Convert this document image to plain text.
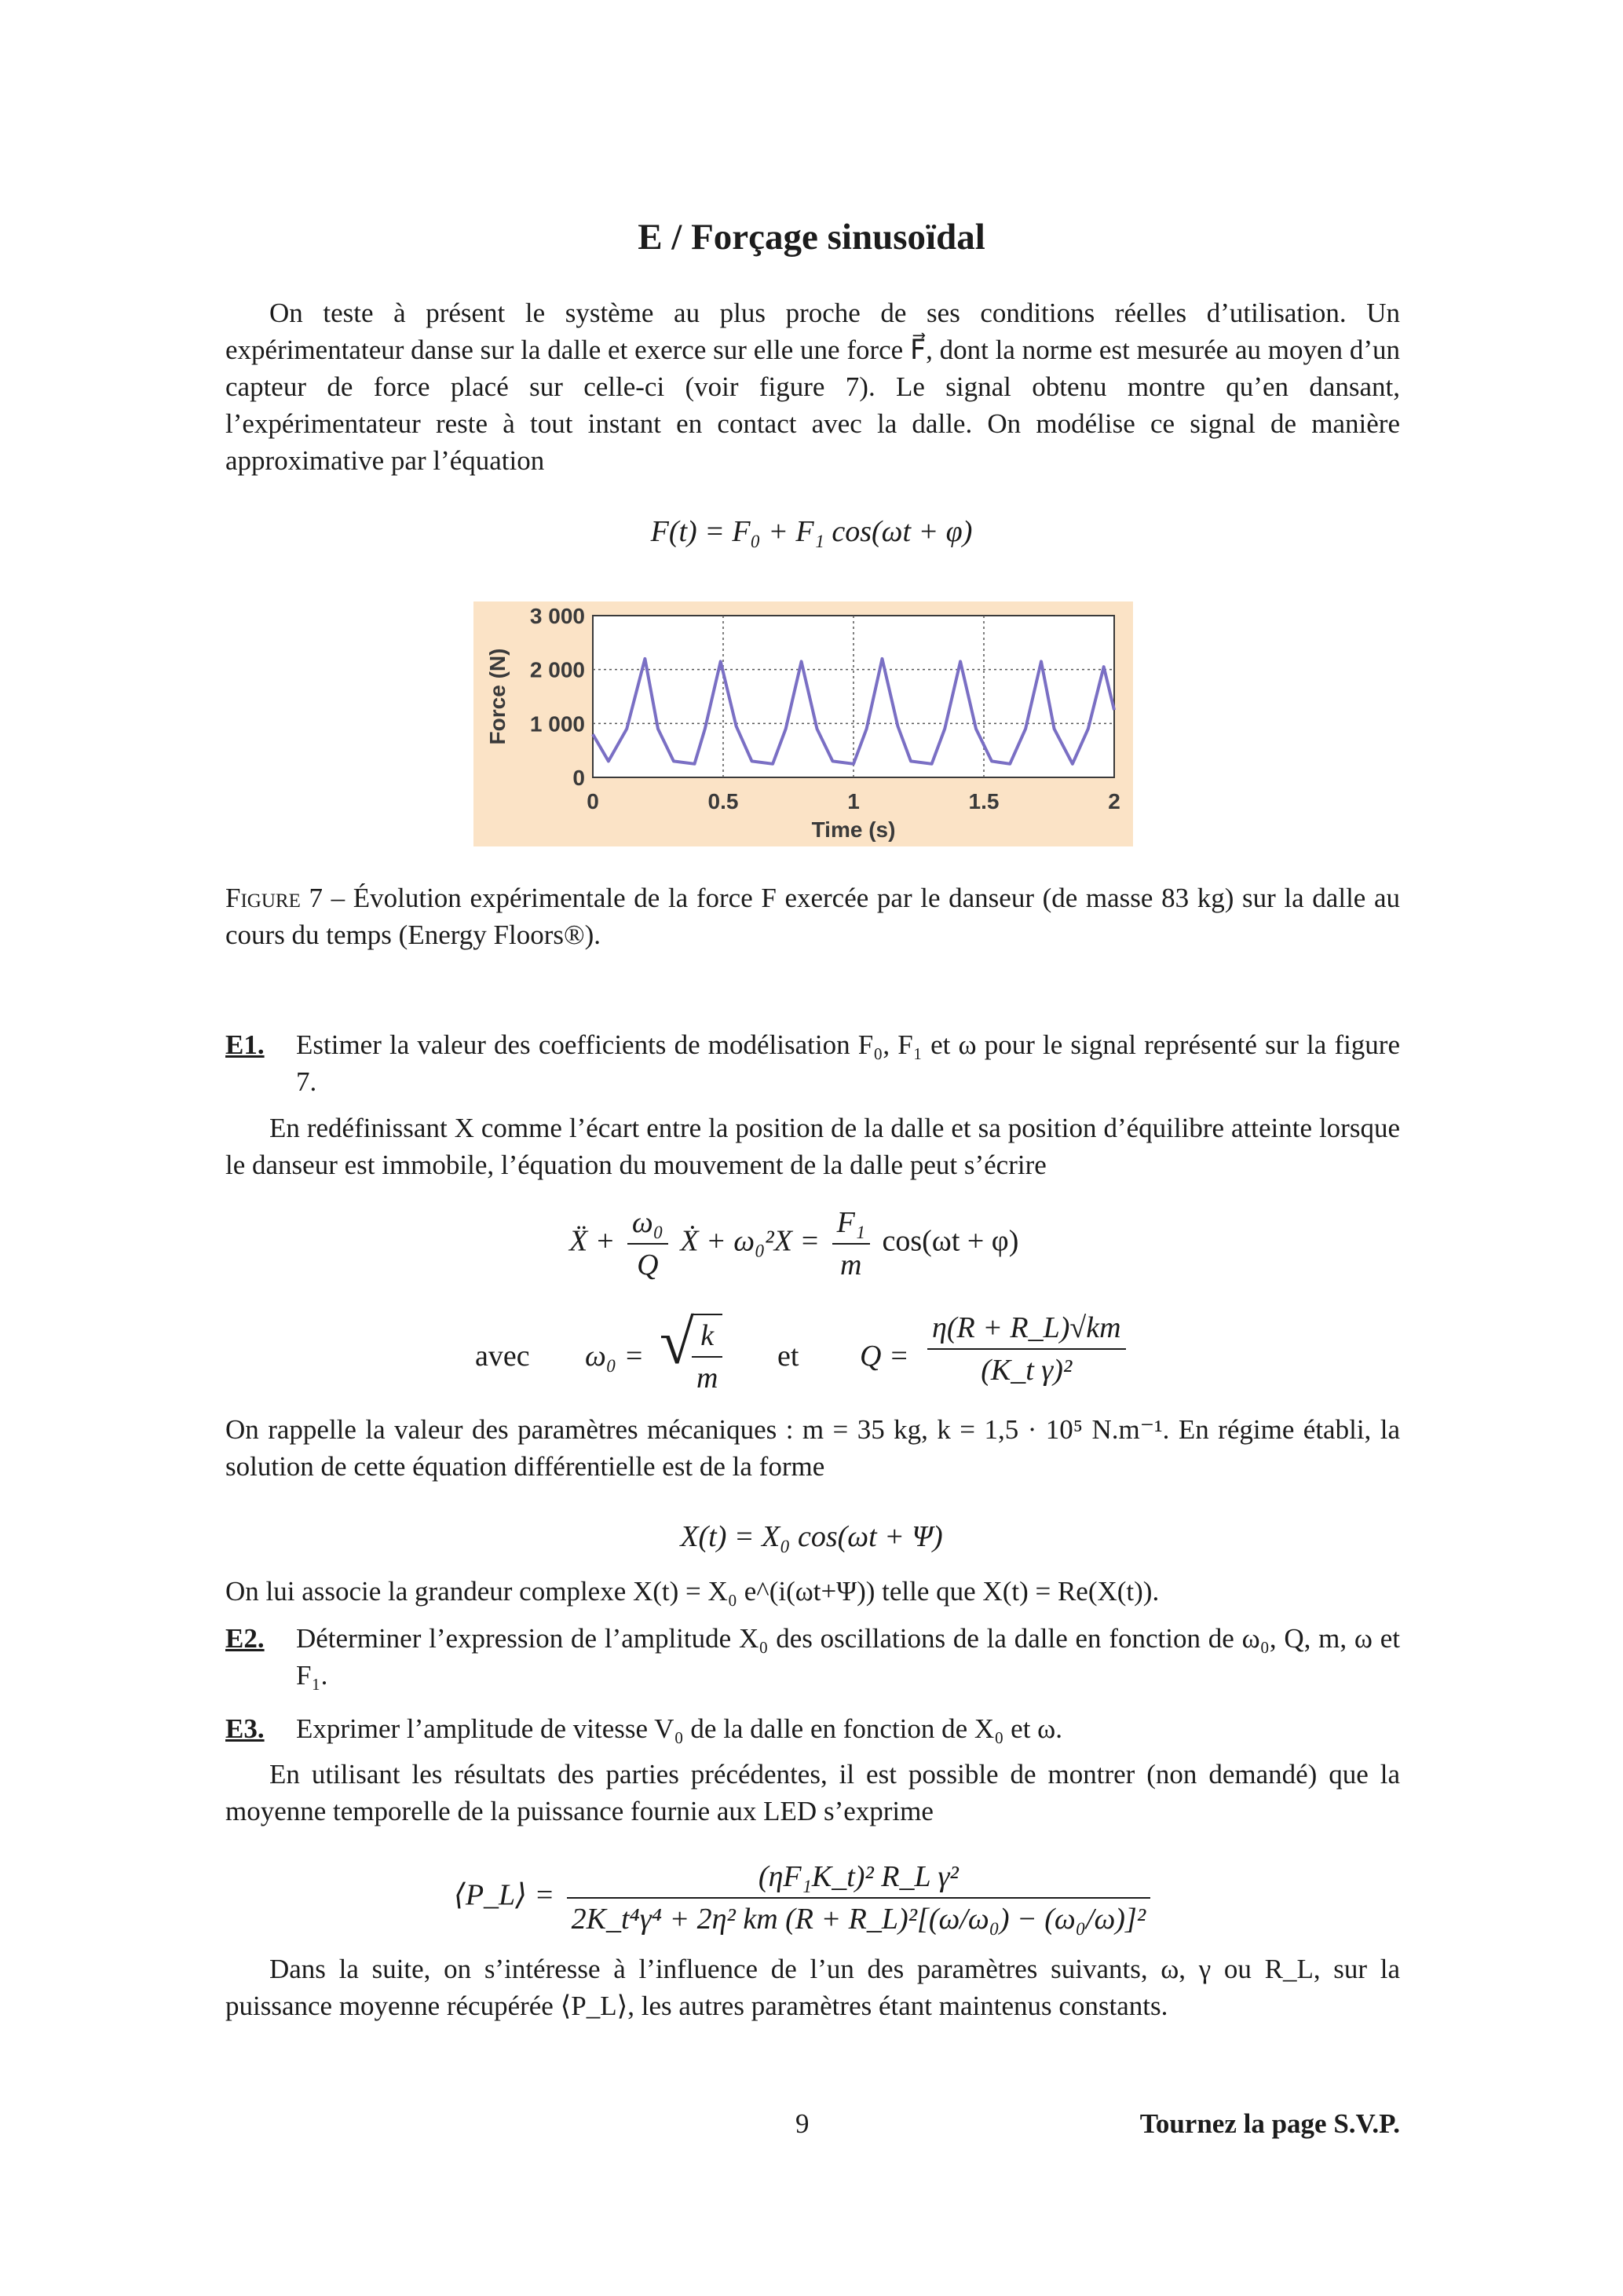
E / Forçage sinusoïdal
On teste à présent le système au plus proche de ses conditions réelles d’utilisation. Un expérimentateur danse sur la dalle et exerce sur elle une force F⃗, dont la norme est mesurée au moyen d’un capteur de force placé sur celle-ci (voir figure 7). Le signal obtenu montre qu’en dansant, l’expérimentateur reste à tout instant en contact avec la dalle. On modélise ce signal de manière approximative par l’équation
F(t) = F₀ + F₁ cos(ωt + φ)
0
1 000
2 000
3 000
0	0.5	1	1.5	2
Time (s)
Force (N)
Figure 7 – Évolution expérimentale de la force F exercée par le danseur (de masse 83 kg) sur la dalle au cours du temps (Energy Floors®).
E1. Estimer la valeur des coefficients de modélisation F₀, F₁ et ω pour le signal représenté sur la figure 7.
En redéfinissant X comme l’écart entre la position de la dalle et sa position d’équilibre atteinte lorsque le danseur est immobile, l’équation du mouvement de la dalle peut s’écrire
Ẍ + $\frac{\text{ω₀}}{Q}$ Ẋ + $\omega_0^2X = \frac{\text{F₁}}{m} \cos(\omega t + \varphi)$
avec ω₀ = √
$\frac{k}{m}$ et $Q = \frac{\eta(R + R\_L)√km}{\text{(K\_t γ)²}}$
On rappelle la valeur des paramètres mécaniques : m = 35 kg, k = 1,5 · 10⁵ N.m⁻¹. En régime établi, la solution de cette équation différentielle est de la forme
X(t) = X₀ cos(ωt + Ψ)
On lui associe la grandeur complexe X(t) = X₀ e^(i(ωt+Ψ)) telle que X(t) = Re(X(t)).
E2. Déterminer l’expression de l’amplitude X₀ des oscillations de la dalle en fonction de ω₀, Q, m, ω et F₁.
E3. Exprimer l’amplitude de vitesse V₀ de la dalle en fonction de X₀ et ω.
En utilisant les résultats des parties précédentes, il est possible de montrer (non demandé) que la moyenne temporelle de la puissance fournie aux LED s’exprime
⟨P_L⟩ = $\frac{\text{(ηF₁K\_t)² R\_L γ²}}{\text{2K\_t⁴γ⁴ + 2η² km (R + R\_L)²[(ω/ω₀) − (ω₀/ω)]²}}$
Dans la suite, on s’intéresse à l’influence de l’un des paramètres suivants, ω, γ ou R_L, sur la puissance moyenne récupérée ⟨P_L⟩, les autres paramètres étant maintenus constants.
9	Tournez la page S.V.P.
